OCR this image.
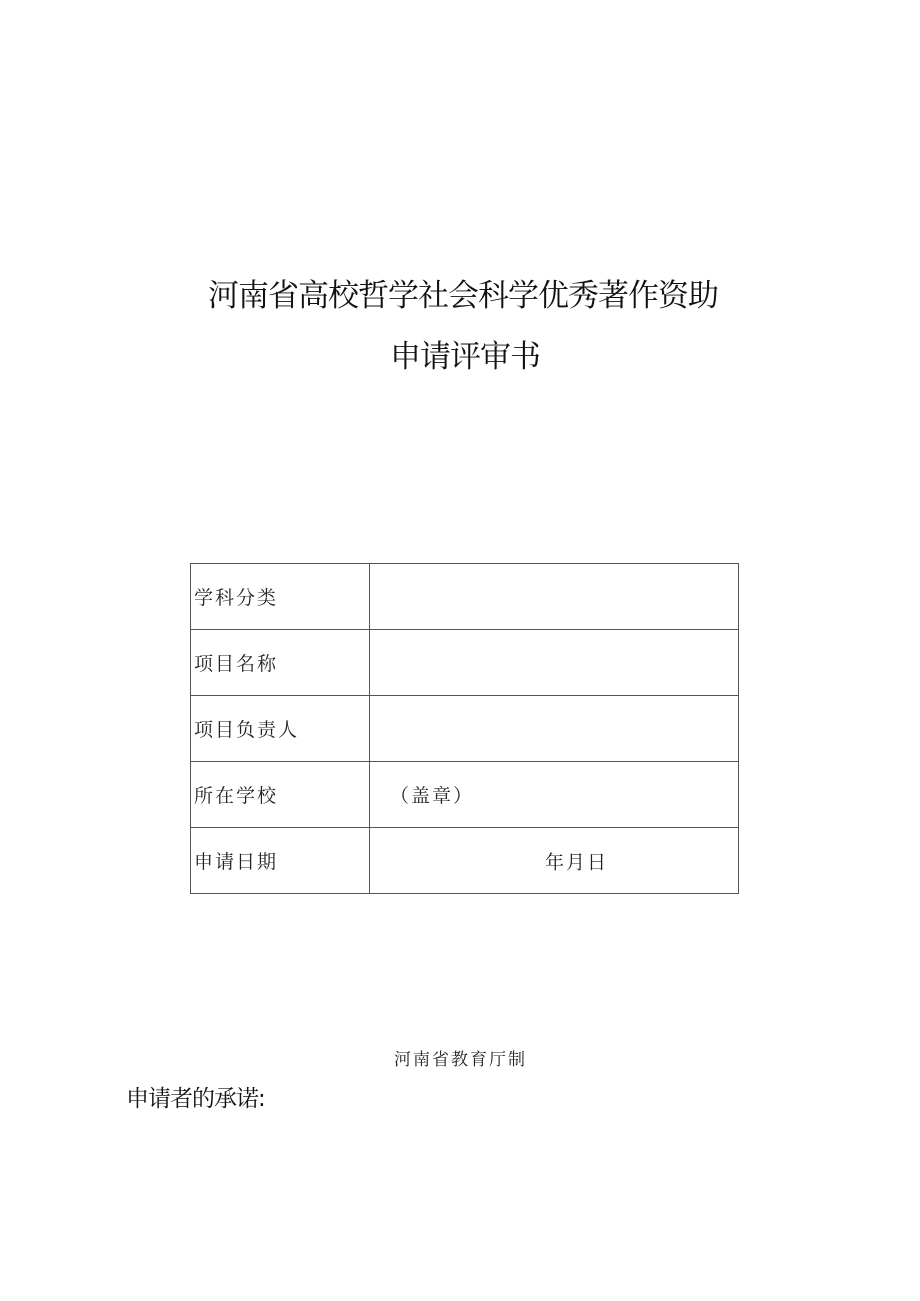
河南省高校哲学社会科学优秀著作资助
申请评审书
学科分类	
项目名称	
项目负责人	
所在学校	（盖章）
申请日期	年月日
河南省教育厅制
申请者的承诺:
